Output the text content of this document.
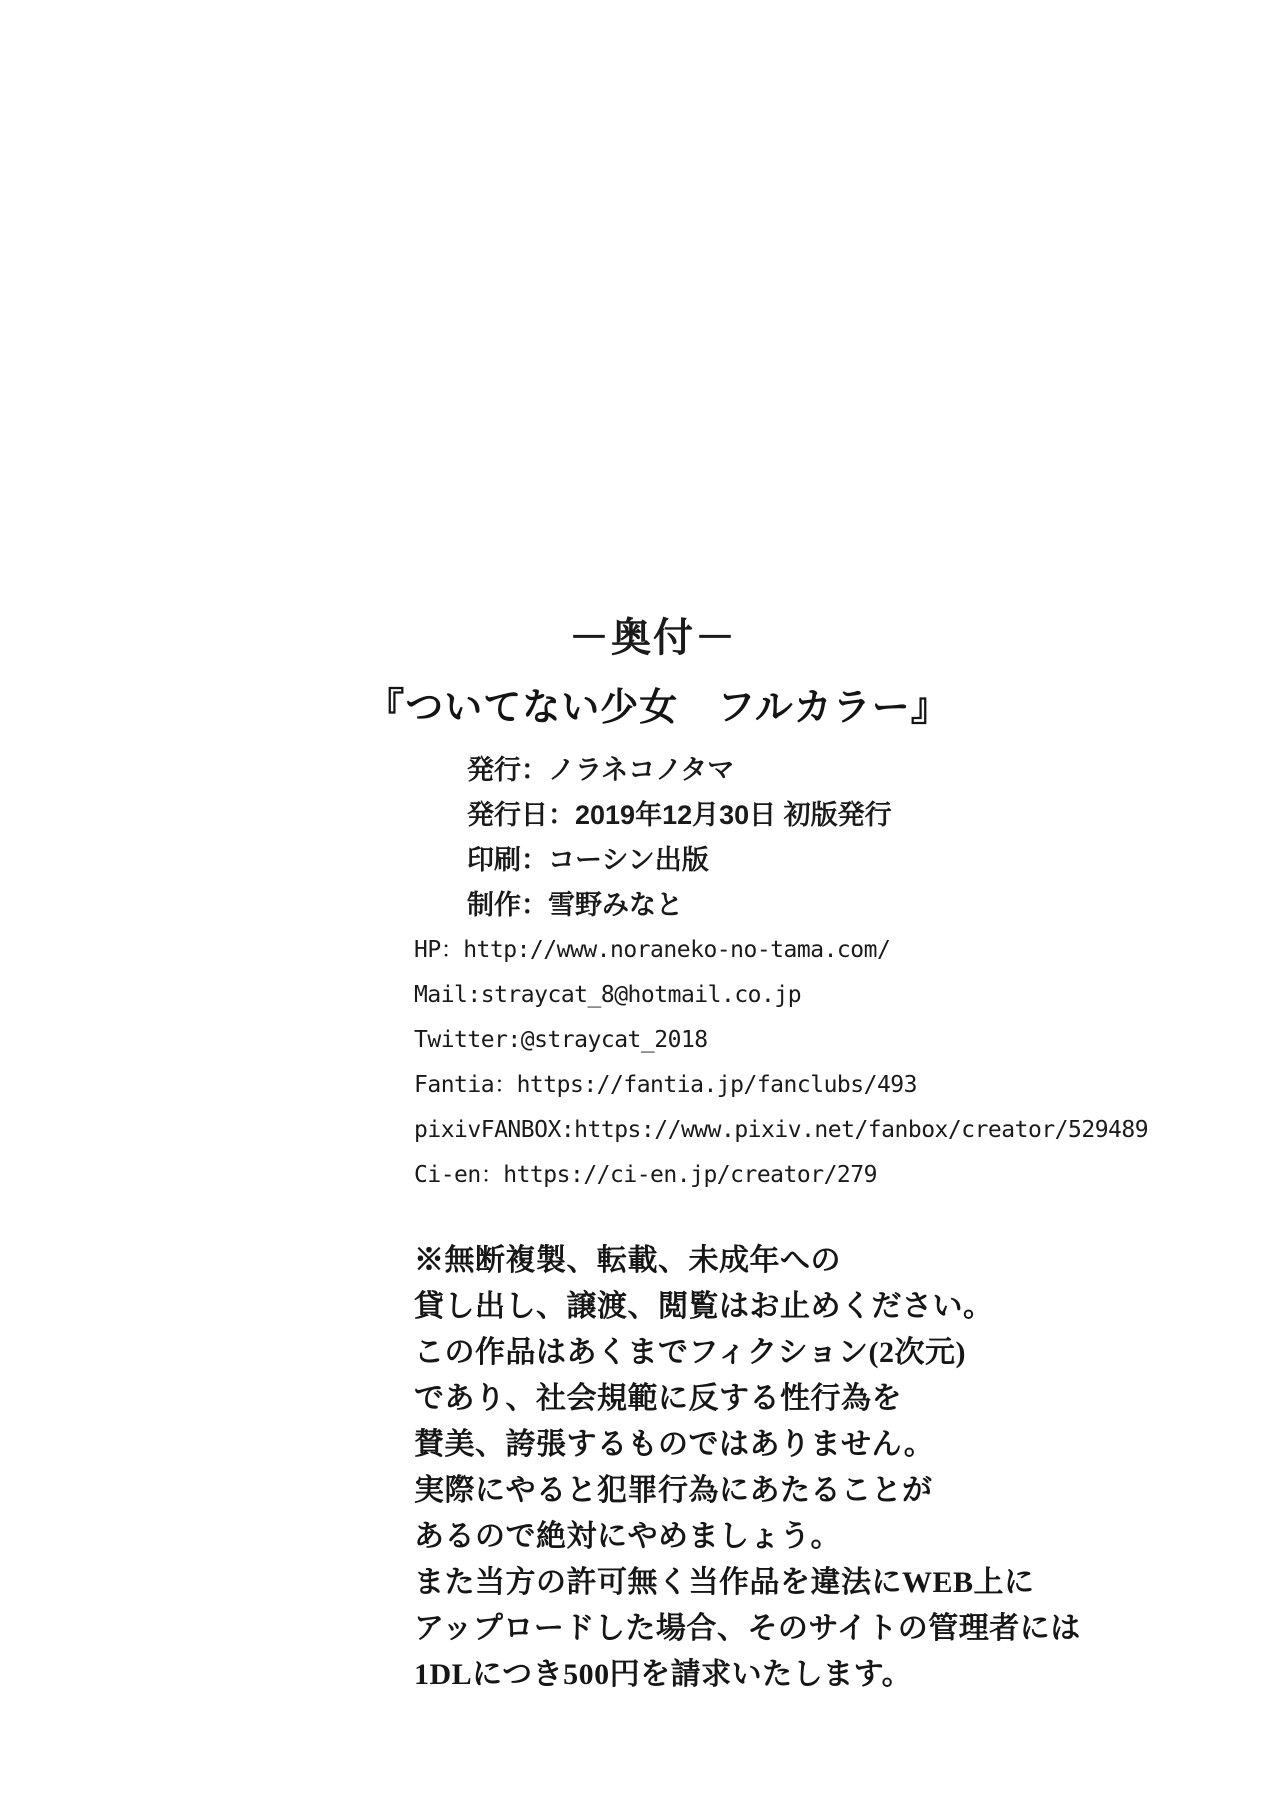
－奥付－
『ついてない少女　フルカラー』
発行：ノラネコノタマ
発行日：2019年12月30日 初版発行
印刷：コーシン出版
制作：雪野みなと
HP：http://www.noraneko-no-tama.com/
Mail:straycat_8@hotmail.co.jp
Twitter:@straycat_2018
Fantia：https://fantia.jp/fanclubs/493
pixivFANBOX:https://www.pixiv.net/fanbox/creator/529489
Ci-en：https://ci-en.jp/creator/279
※無断複製、転載、未成年への
貸し出し、譲渡、閲覧はお止めください。
この作品はあくまでフィクション(2次元)
であり、社会規範に反する性行為を
賛美、誇張するものではありません。
実際にやると犯罪行為にあたることが
あるので絶対にやめましょう。
また当方の許可無く当作品を違法にWEB上に
アップロードした場合、そのサイトの管理者には
1DLにつき500円を請求いたします。
